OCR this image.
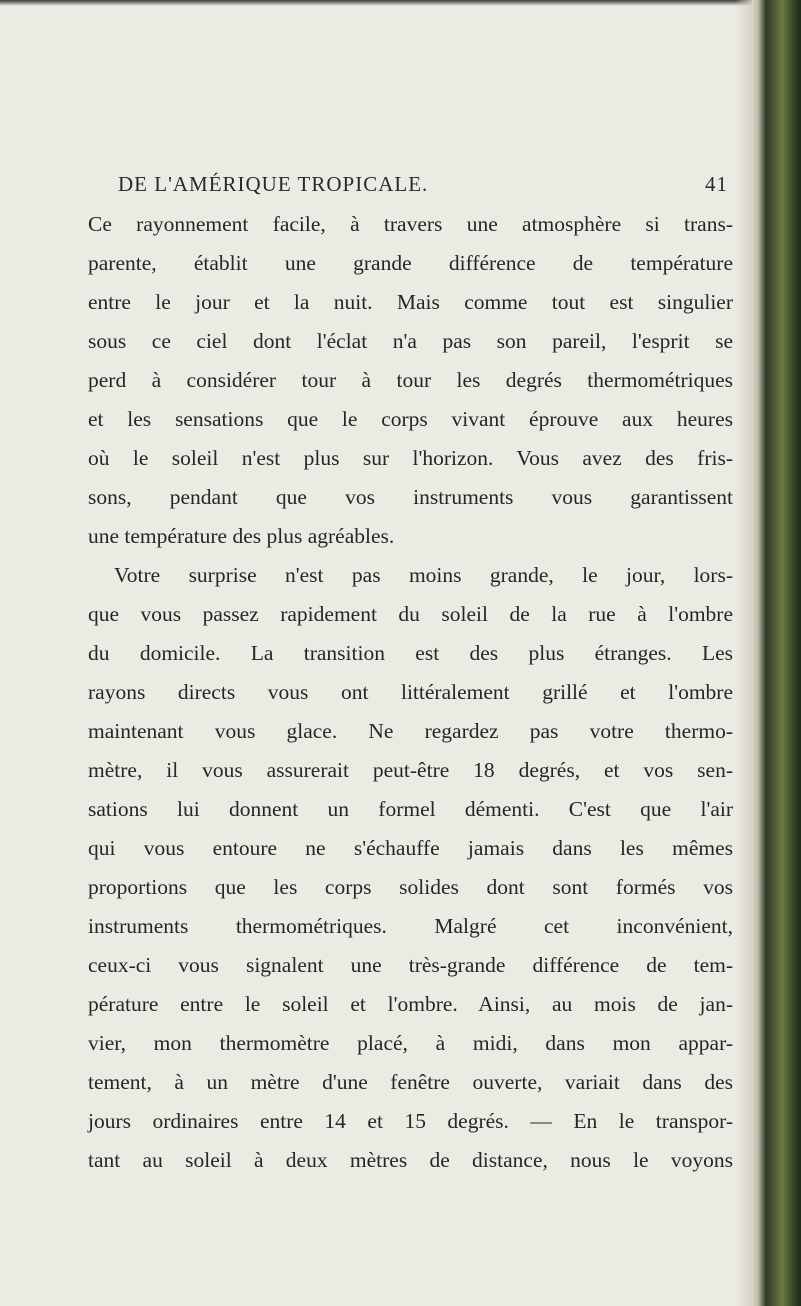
DE L'AMÉRIQUE TROPICALE.	41
Ce rayonnement facile, à travers une atmosphère si trans-
parente, établit une grande différence de température
entre le jour et la nuit. Mais comme tout est singulier
sous ce ciel dont l'éclat n'a pas son pareil, l'esprit se
perd à considérer tour à tour les degrés thermométriques
et les sensations que le corps vivant éprouve aux heures
où le soleil n'est plus sur l'horizon. Vous avez des fris-
sons, pendant que vos instruments vous garantissent
une température des plus agréables.
Votre surprise n'est pas moins grande, le jour, lors-
que vous passez rapidement du soleil de la rue à l'ombre
du domicile. La transition est des plus étranges. Les
rayons directs vous ont littéralement grillé et l'ombre
maintenant vous glace. Ne regardez pas votre thermo-
mètre, il vous assurerait peut-être 18 degrés, et vos sen-
sations lui donnent un formel démenti. C'est que l'air
qui vous entoure ne s'échauffe jamais dans les mêmes
proportions que les corps solides dont sont formés vos
instruments thermométriques. Malgré cet inconvénient,
ceux-ci vous signalent une très-grande différence de tem-
pérature entre le soleil et l'ombre. Ainsi, au mois de jan-
vier, mon thermomètre placé, à midi, dans mon appar-
tement, à un mètre d'une fenêtre ouverte, variait dans des
jours ordinaires entre 14 et 15 degrés. — En le transpor-
tant au soleil à deux mètres de distance, nous le voyons
